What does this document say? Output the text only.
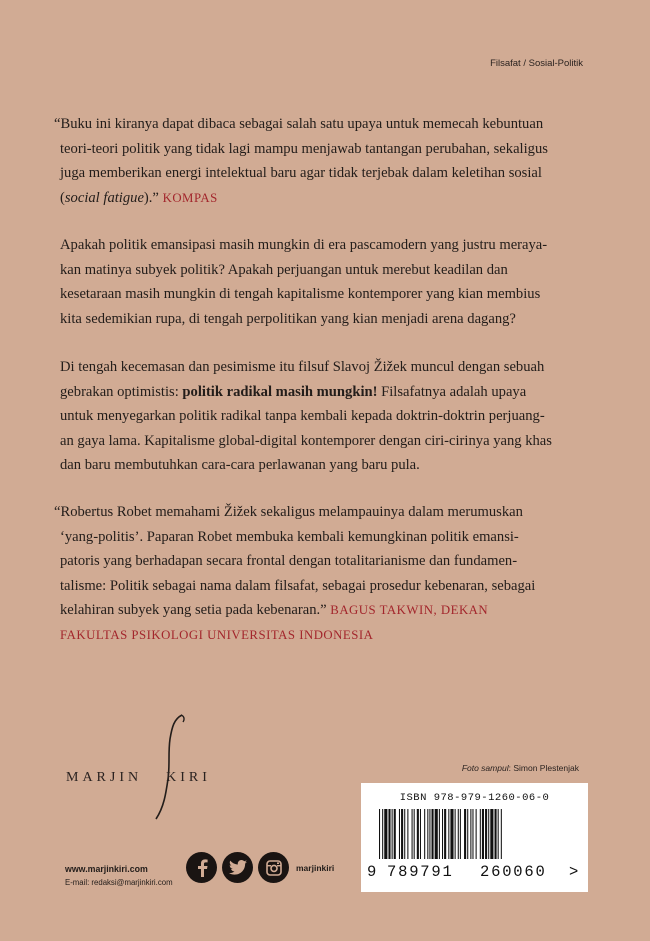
Filsafat / Sosial-Politik

“Buku ini kiranya dapat dibaca sebagai salah satu upaya untuk memecah kebuntuan

teori-teori politik yang tidak lagi mampu menjawab tantangan perubahan, sekaligus

juga memberikan energi intelektual baru agar tidak terjebak dalam keletihan sosial

(social fatigue).” KOMPAS

Apakah politik emansipasi masih mungkin di era pascamodern yang justru meraya-

kan matinya subyek politik? Apakah perjuangan untuk merebut keadilan dan

kesetaraan masih mungkin di tengah kapitalisme kontemporer yang kian membius

kita sedemikian rupa, di tengah perpolitikan yang kian menjadi arena dagang?

Di tengah kecemasan dan pesimisme itu filsuf Slavoj Žižek muncul dengan sebuah

gebrakan optimistis: politik radikal masih mungkin! Filsafatnya adalah upaya

untuk menyegarkan politik radikal tanpa kembali kepada doktrin-doktrin perjuang-

an gaya lama. Kapitalisme global-digital kontemporer dengan ciri-cirinya yang khas

dan baru membutuhkan cara-cara perlawanan yang baru pula.

“Robertus Robet memahami Žižek sekaligus melampauinya dalam merumuskan

‘yang-politis’. Paparan Robet membuka kembali kemungkinan politik emansi-

patoris yang berhadapan secara frontal dengan totalitarianisme dan fundamen-

talisme: Politik sebagai nama dalam filsafat, sebagai prosedur kebenaran, sebagai

kelahiran subyek yang setia pada kebenaran.” BAGUS TAKWIN, DEKAN

FAKULTAS PSIKOLOGI UNIVERSITAS INDONESIA

MARJIN KIRI
Foto sampul: Simon Plestenjak
www.marjinkiri.com
E-mail: redaksi@marjinkiri.com
marjinkiri
ISBN 978-979-1260-06-0
9 789791 260060 >
